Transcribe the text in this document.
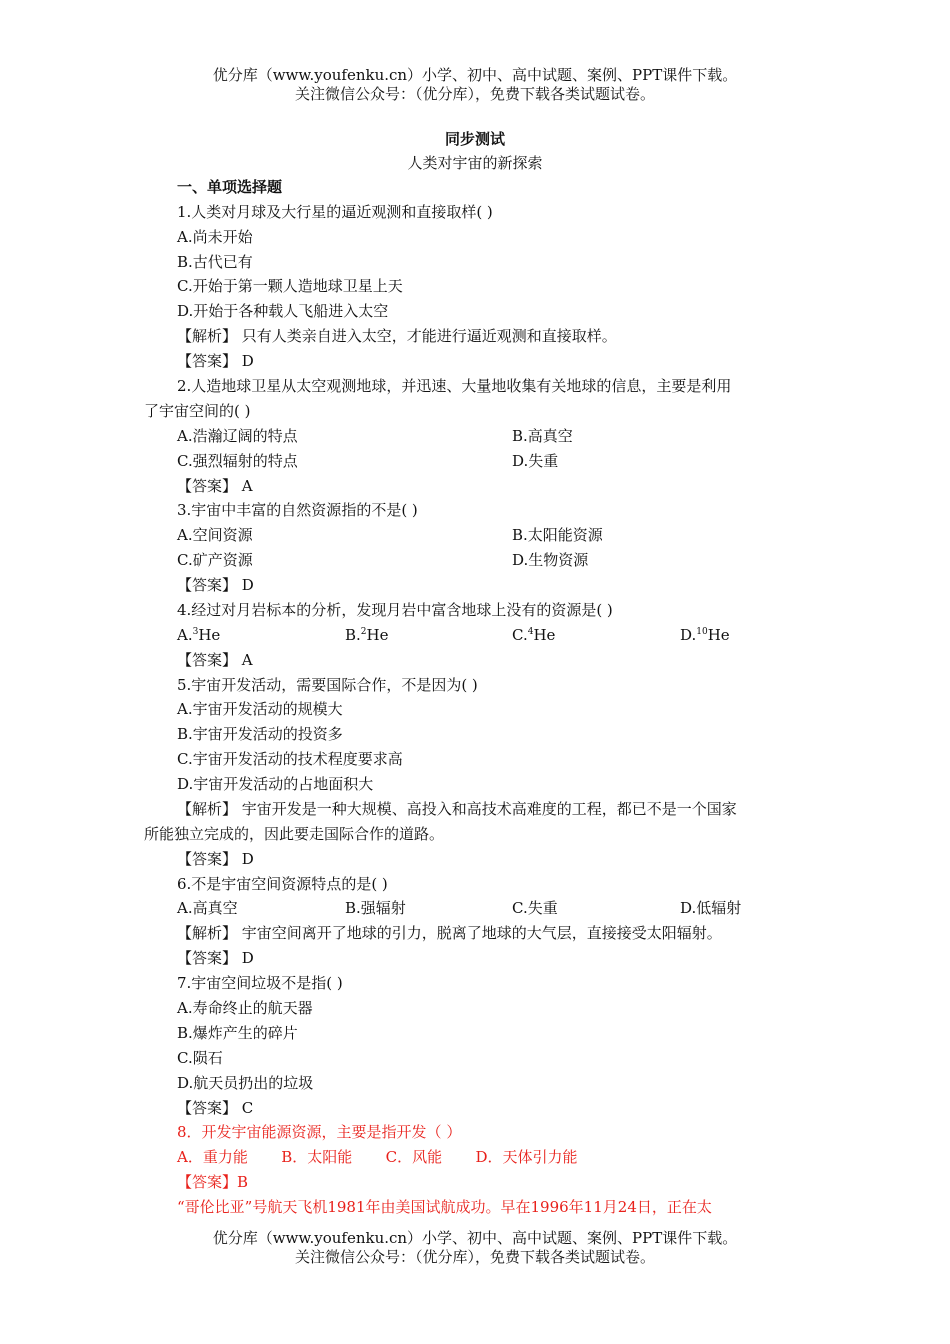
优分库（www.youfenku.cn）小学、初中、高中试题、案例、PPT课件下载。
关注微信公众号：（优分库），免费下载各类试题试卷。
同步测试
人类对宇宙的新探索
一、单项选择题
1.人类对月球及大行星的逼近观测和直接取样( )
A.尚未开始
B.古代已有
C.开始于第一颗人造地球卫星上天
D.开始于各种载人飞船进入太空
【解析】 只有人类亲自进入太空，才能进行逼近观测和直接取样。
【答案】 D
2.人造地球卫星从太空观测地球，并迅速、大量地收集有关地球的信息，主要是利用
了宇宙空间的( )
A.浩瀚辽阔的特点	B.高真空
C.强烈辐射的特点	D.失重
【答案】 A
3.宇宙中丰富的自然资源指的不是( )
A.空间资源	B.太阳能资源
C.矿产资源	D.生物资源
【答案】 D
4.经过对月岩标本的分析，发现月岩中富含地球上没有的资源是( )
A.$^3$He	B.$^2$He	C.$^4$He	D.$^{10}$He
【答案】 A
5.宇宙开发活动，需要国际合作，不是因为( )
A.宇宙开发活动的规模大
B.宇宙开发活动的投资多
C.宇宙开发活动的技术程度要求高
D.宇宙开发活动的占地面积大
【解析】 宇宙开发是一种大规模、高投入和高技术高难度的工程，都已不是一个国家
所能独立完成的，因此要走国际合作的道路。
【答案】 D
6.不是宇宙空间资源特点的是( )
A.高真空	B.强辐射	C.失重	D.低辐射
【解析】 宇宙空间离开了地球的引力，脱离了地球的大气层，直接接受太阳辐射。
【答案】 D
7.宇宙空间垃圾不是指( )
A.寿命终止的航天器
B.爆炸产生的碎片
C.陨石
D.航天员扔出的垃圾
【答案】 C
8．开发宇宙能源资源，主要是指开发（ ）
A．重力能       B．太阳能       C．风能       D．天体引力能
【答案】B
“哥伦比亚”号航天飞机1981年由美国试航成功。早在1996年11月24日，正在太
优分库（www.youfenku.cn）小学、初中、高中试题、案例、PPT课件下载。
关注微信公众号：（优分库），免费下载各类试题试卷。
